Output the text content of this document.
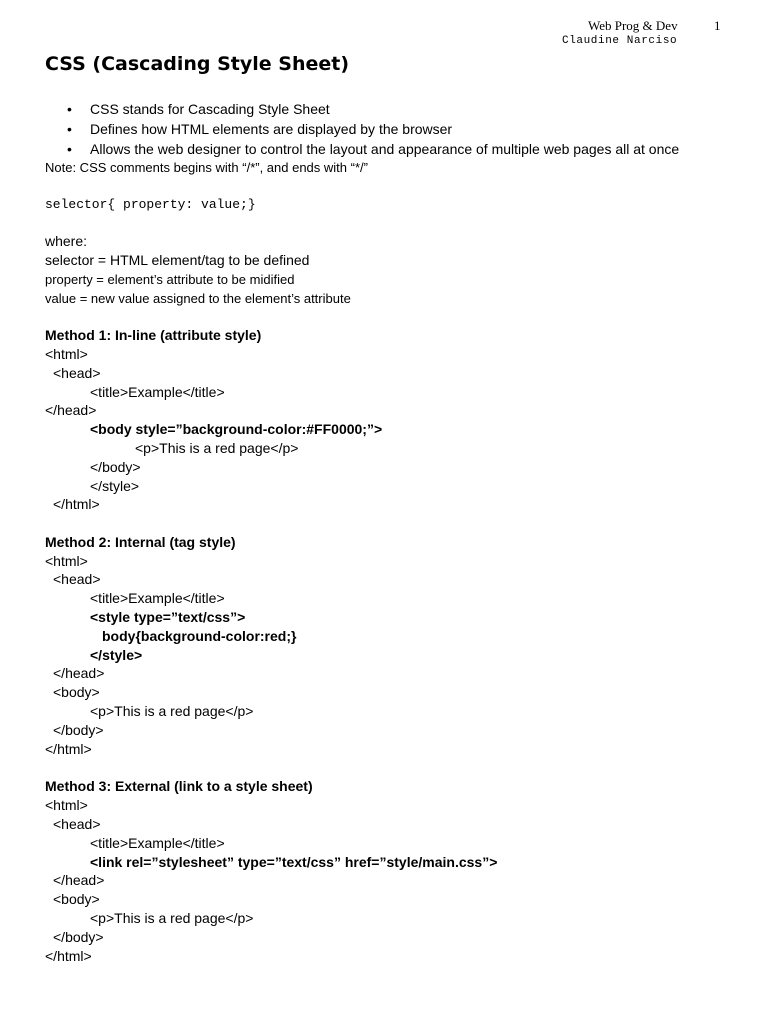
Web Prog & Dev	1
Claudine Narciso
CSS (Cascading Style Sheet)
• CSS stands for Cascading Style Sheet
• Defines how HTML elements are displayed by the browser
• Allows the web designer to control the layout and appearance of multiple web pages all at once
Note: CSS comments begins with “/*”, and ends with “*/”
selector{ property: value;}
where:
selector = HTML element/tag to be defined
property = element’s attribute to be midified
value = new value assigned to the element’s attribute
Method 1: In-line (attribute style)
<html>
<head>
<title>Example</title>
</head>
<body style=”background-color:#FF0000;”>
<p>This is a red page</p>
</body>
</style>
</html>
Method 2: Internal (tag style)
<html>
<head>
<title>Example</title>
<style type=”text/css”>
body{background-color:red;}
</style>
</head>
<body>
<p>This is a red page</p>
</body>
</html>
Method 3: External (link to a style sheet)
<html>
<head>
<title>Example</title>
<link rel=”stylesheet” type=”text/css” href=”style/main.css”>
</head>
<body>
<p>This is a red page</p>
</body>
</html>
